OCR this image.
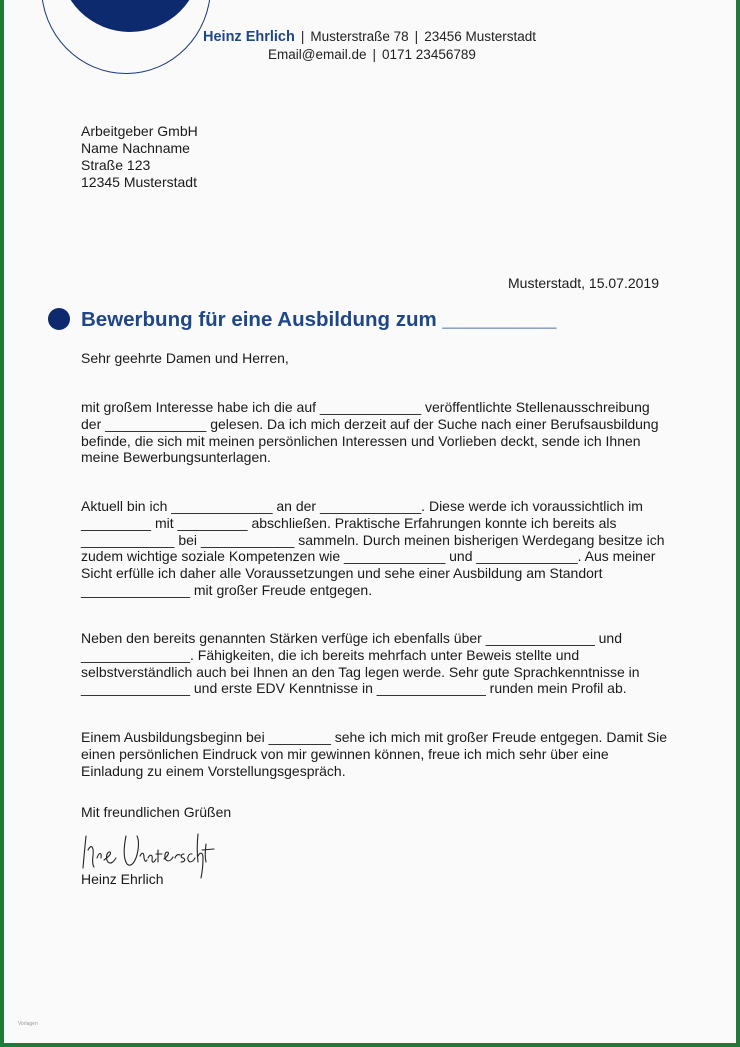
Heinz Ehrlich | Musterstraße 78 | 23456 Musterstadt
Email@email.de | 0171 23456789
Arbeitgeber GmbH
Name Nachname
Straße 123
12345 Musterstadt
Musterstadt, 15.07.2019
Bewerbung für eine Ausbildung zum __________
Sehr geehrte Damen und Herren,
mit großem Interesse habe ich die auf _____________ veröffentlichte Stellenausschreibung
der _____________ gelesen. Da ich mich derzeit auf der Suche nach einer Berufsausbildung
befinde, die sich mit meinen persönlichen Interessen und Vorlieben deckt, sende ich Ihnen
meine Bewerbungsunterlagen.
Aktuell bin ich _____________ an der _____________. Diese werde ich voraussichtlich im
_________ mit _________ abschließen. Praktische Erfahrungen konnte ich bereits als
____________ bei ____________ sammeln. Durch meinen bisherigen Werdegang besitze ich
zudem wichtige soziale Kompetenzen wie _____________ und _____________. Aus meiner
Sicht erfülle ich daher alle Voraussetzungen und sehe einer Ausbildung am Standort
______________ mit großer Freude entgegen.
Neben den bereits genannten Stärken verfüge ich ebenfalls über ______________ und
______________. Fähigkeiten, die ich bereits mehrfach unter Beweis stellte und
selbstverständlich auch bei Ihnen an den Tag legen werde. Sehr gute Sprachkenntnisse in
______________ und erste EDV Kenntnisse in ______________ runden mein Profil ab.
Einem Ausbildungsbeginn bei ________ sehe ich mich mit großer Freude entgegen. Damit Sie
einen persönlichen Eindruck von mir gewinnen können, freue ich mich sehr über eine
Einladung zu einem Vorstellungsgespräch.
Mit freundlichen Grüßen
Heinz Ehrlich
Vorlagen
